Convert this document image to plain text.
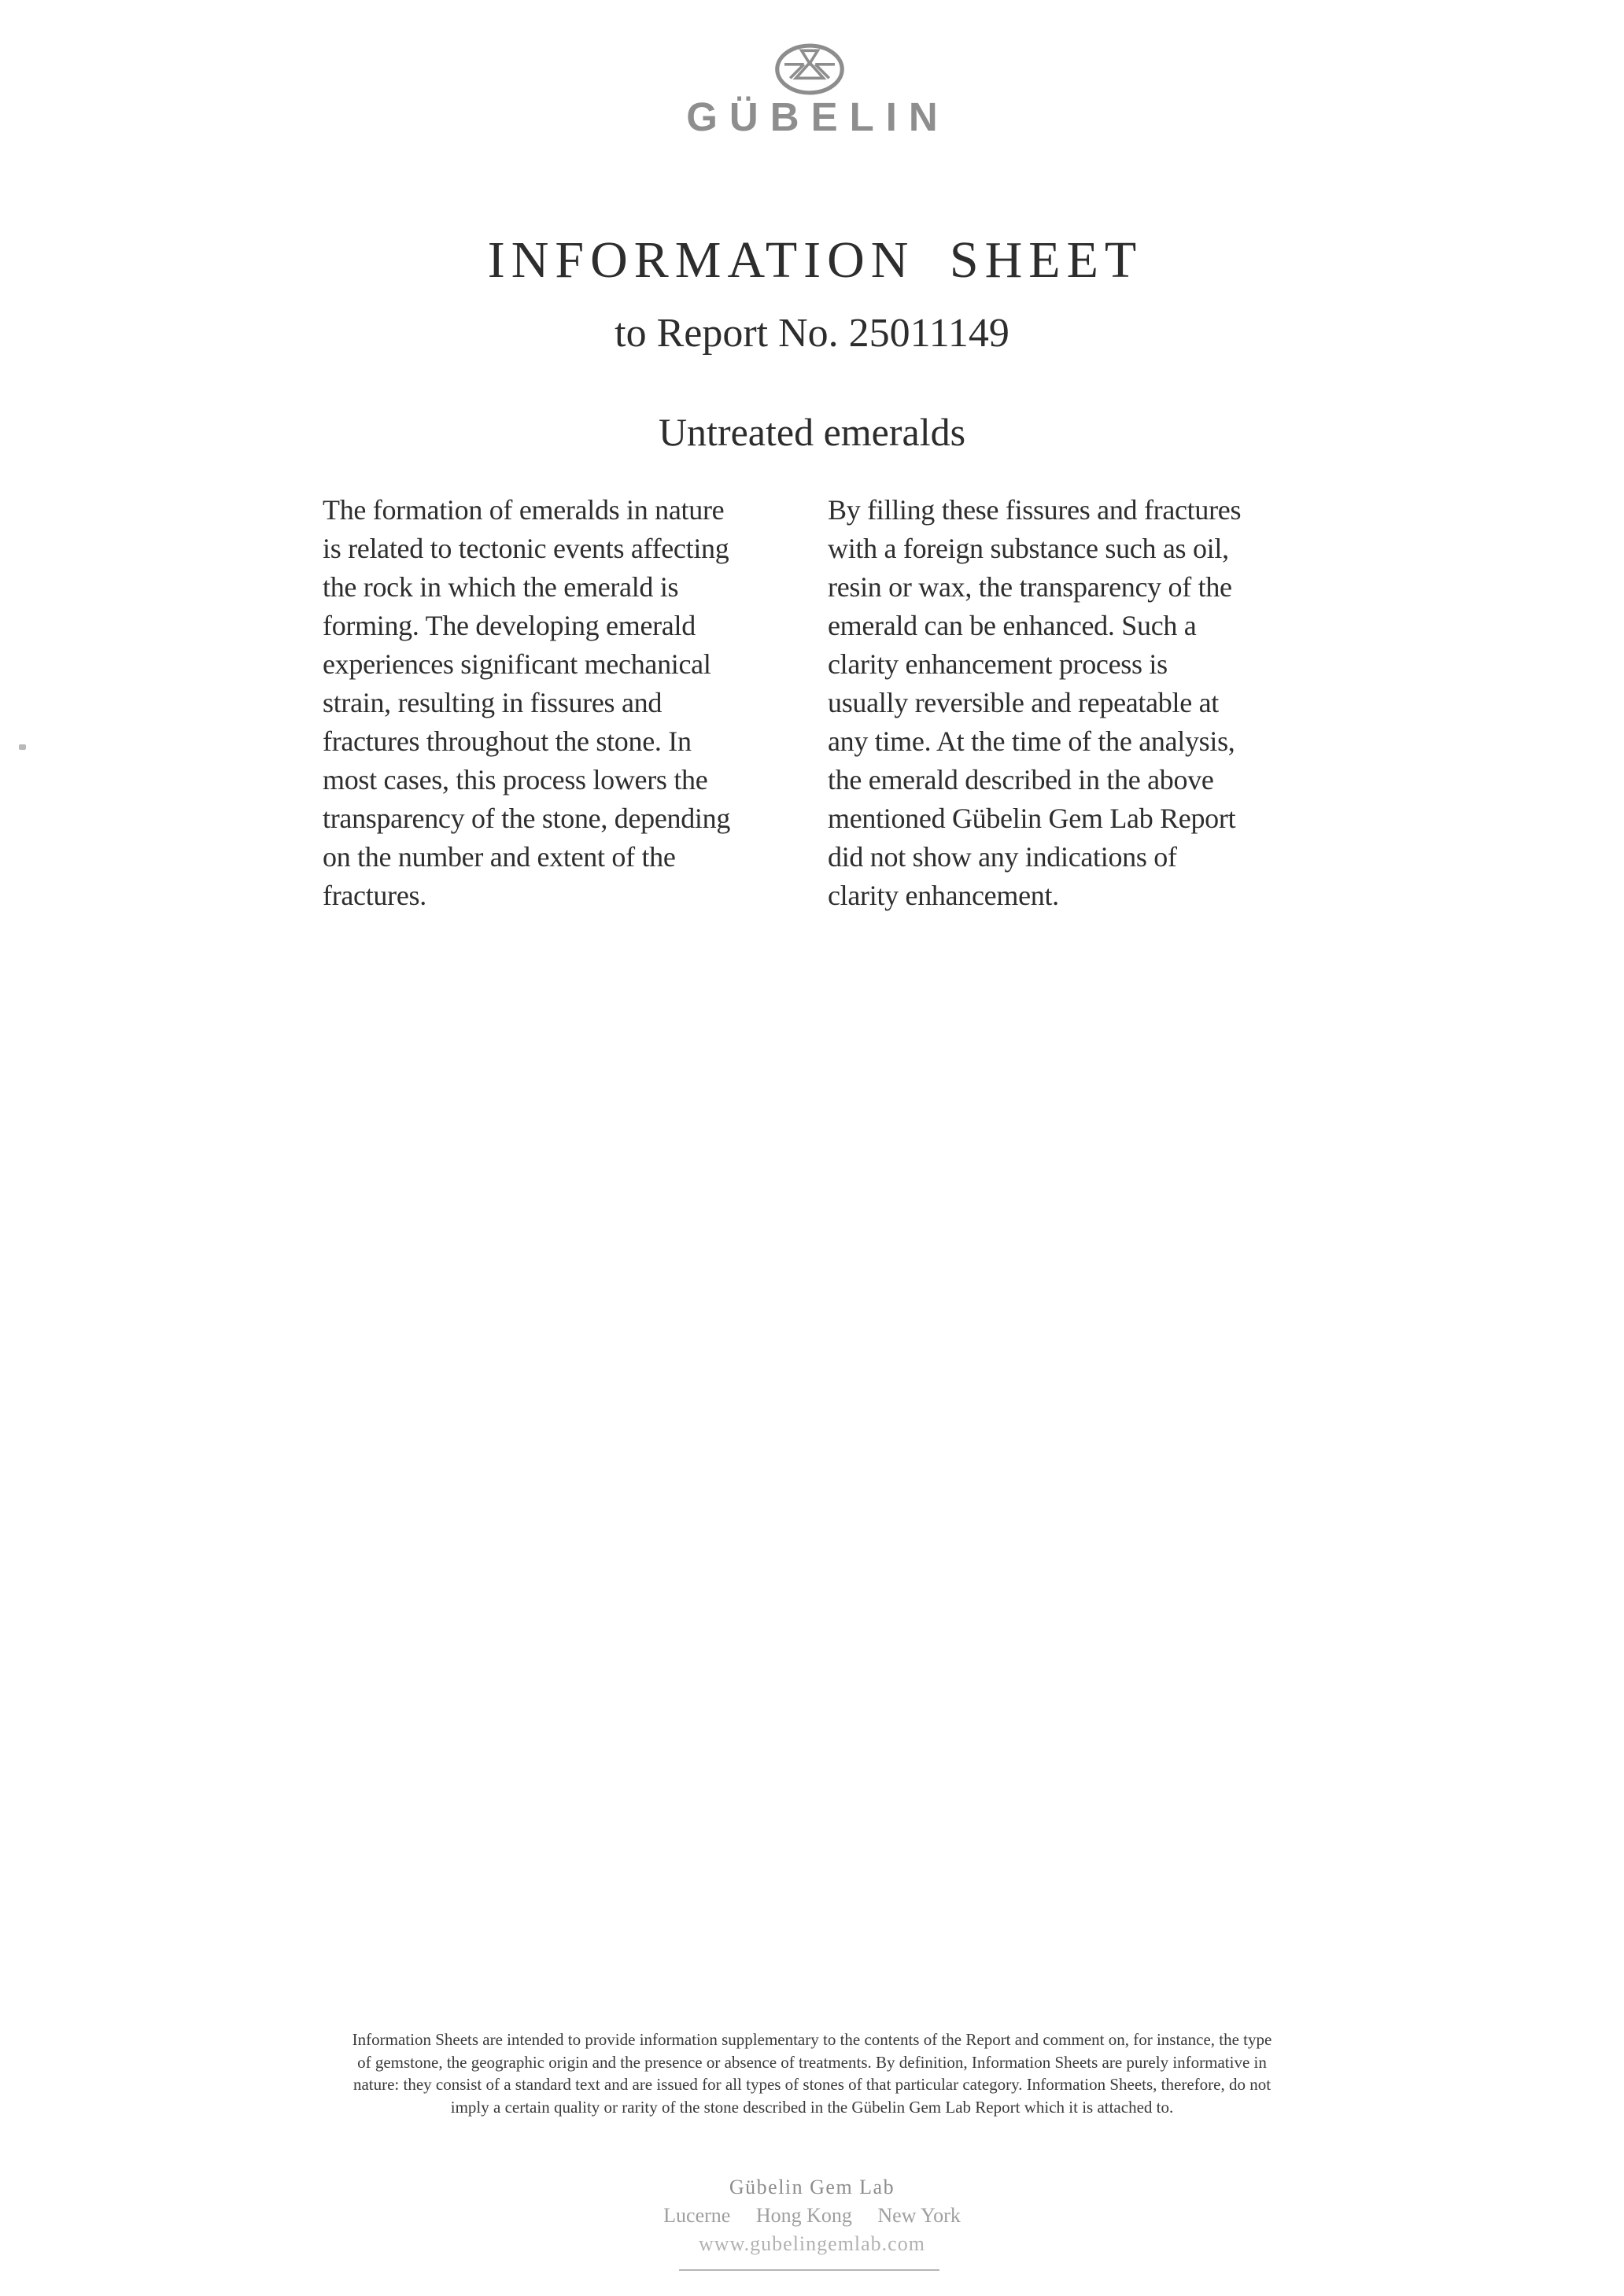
GÜBELIN
INFORMATION SHEET
to Report No. 25011149
Untreated emeralds
The formation of emeralds in nature
is related to tectonic events affecting
the rock in which the emerald is
forming. The developing emerald
experiences significant mechanical
strain, resulting in fissures and
fractures throughout the stone. In
most cases, this process lowers the
transparency of the stone, depending
on the number and extent of the
fractures.
By filling these fissures and fractures
with a foreign substance such as oil,
resin or wax, the transparency of the
emerald can be enhanced. Such a
clarity enhancement process is
usually reversible and repeatable at
any time. At the time of the analysis,
the emerald described in the above
mentioned Gübelin Gem Lab Report
did not show any indications of
clarity enhancement.
Information Sheets are intended to provide information supplementary to the contents of the Report and comment on, for instance, the type
of gemstone, the geographic origin and the presence or absence of treatments. By definition, Information Sheets are purely informative in
nature: they consist of a standard text and are issued for all types of stones of that particular category. Information Sheets, therefore, do not
imply a certain quality or rarity of the stone described in the Gübelin Gem Lab Report which it is attached to.
Gübelin Gem Lab
Lucerne Hong Kong New York
www.gubelingemlab.com
